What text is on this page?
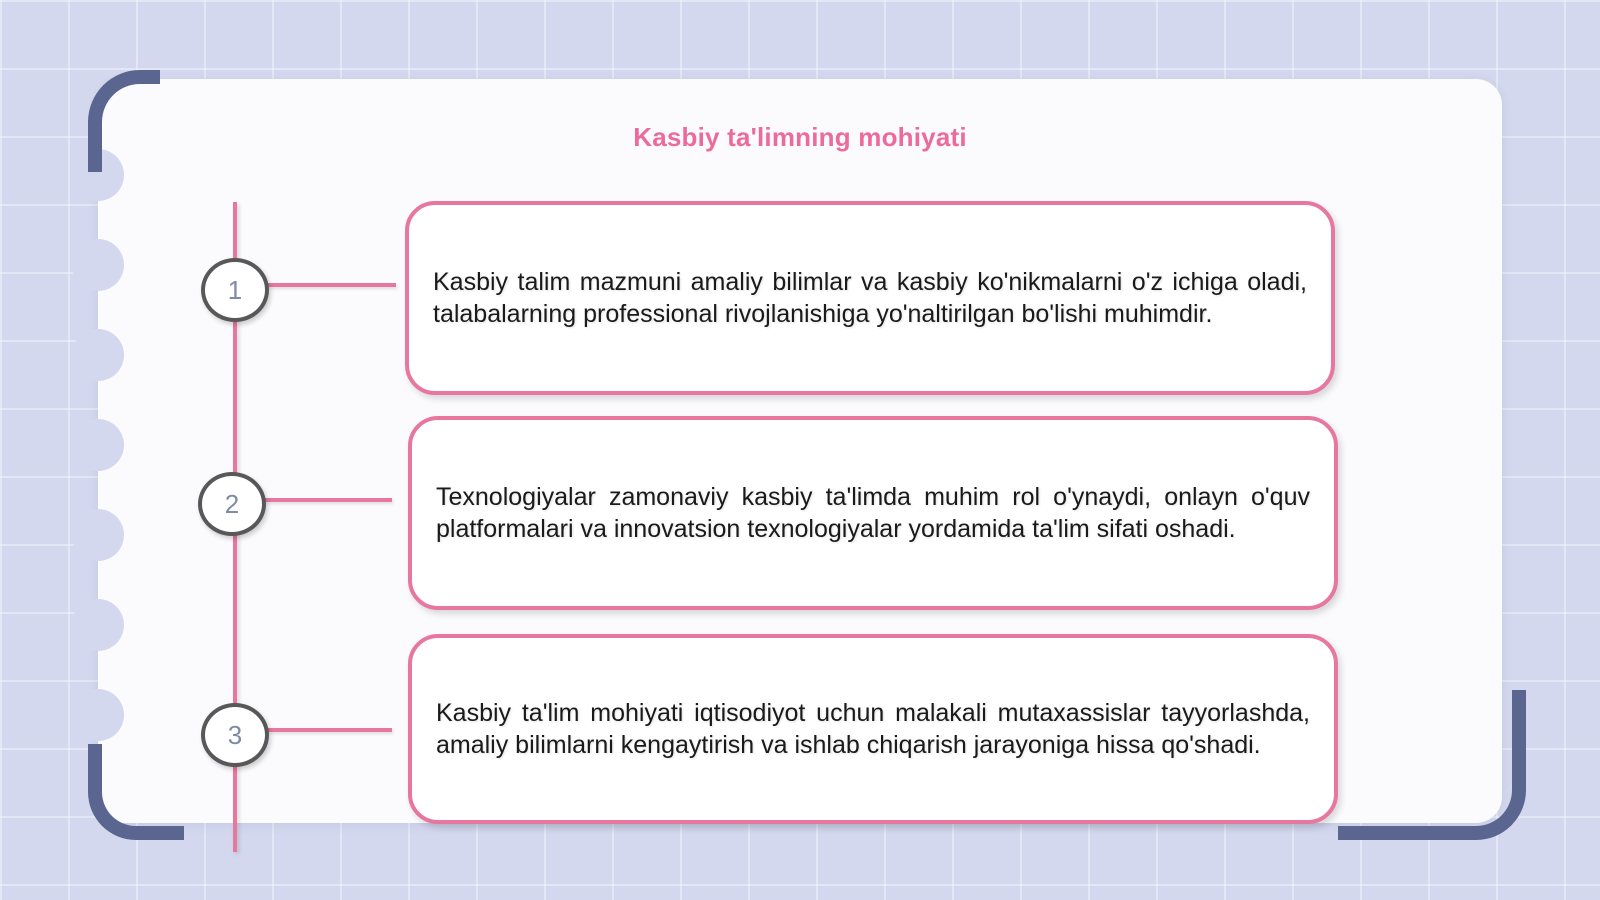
Kasbiy ta'limning mohiyati
1	Kasbiy talim mazmuni amaliy bilimlar va kasbiy ko'nikmalarni o'z ichiga oladi, talabalarning professional rivojlanishiga yo'naltirilgan bo'lishi muhimdir.

2	Texnologiyalar zamonaviy kasbiy ta'limda muhim rol o'ynaydi, onlayn o'quv platformalari va innovatsion texnologiyalar yordamida ta'lim sifati oshadi.

3

Kasbiy ta'lim mohiyati iqtisodiyot uchun malakali mutaxassislar tayyorlashda, amaliy bilimlarni kengaytirish va ishlab chiqarish jarayoniga hissa qo'shadi.
